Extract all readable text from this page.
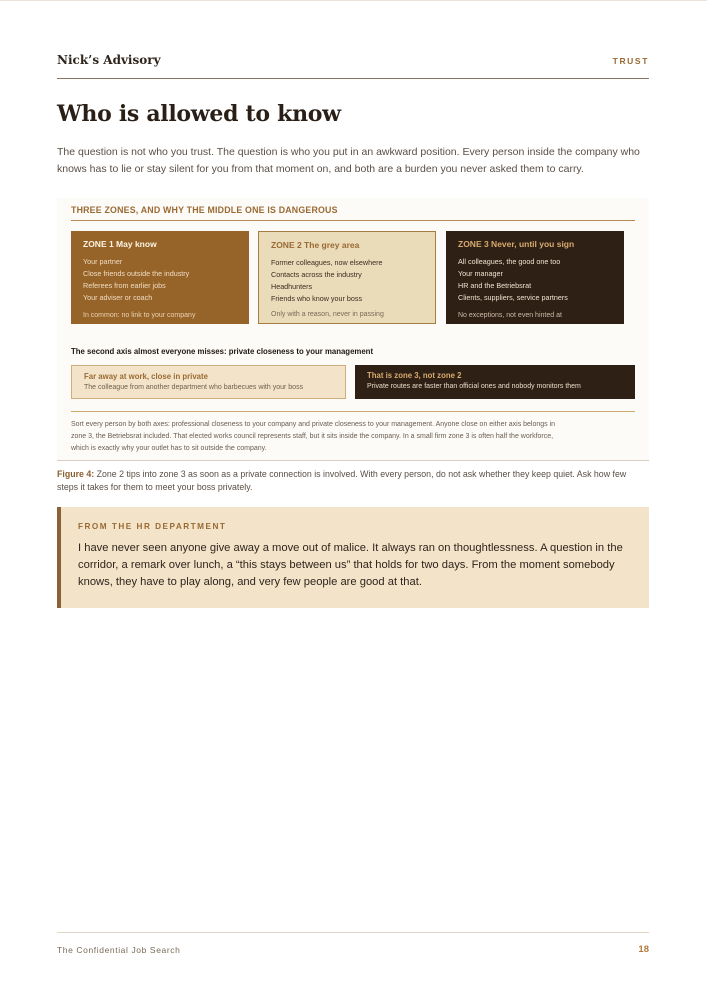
Nick’s Advisory	TRUST
Who is allowed to know

The question is not who you trust. The question is who you put in an awkward position. Every person inside the company who knows has to lie or stay silent for you from that moment on, and both are a burden you never asked them to carry.

THREE ZONES, AND WHY THE MIDDLE ONE IS DANGEROUS
ZONE 1 May know
Your partner
Close friends outside the industry
Referees from earlier jobs
Your adviser or coach
In common: no link to your company
ZONE 2 The grey area
Former colleagues, now elsewhere
Contacts across the industry
Headhunters
Friends who know your boss
Only with a reason, never in passing
ZONE 3 Never, until you sign
All colleagues, the good one too
Your manager
HR and the Betriebsrat
Clients, suppliers, service partners
No exceptions, not even hinted at
The second axis almost everyone misses: private closeness to your management
Far away at work, close in private
The colleague from another department who barbecues with your boss
That is zone 3, not zone 2
Private routes are faster than official ones and nobody monitors them
Sort every person by both axes: professional closeness to your company and private closeness to your management. Anyone close on either axis belongs in zone 3, the Betriebsrat included. That elected works council represents staff, but it sits inside the company. In a small firm zone 3 is often half the workforce, which is exactly why your outlet has to sit outside the company.

Figure 4: Zone 2 tips into zone 3 as soon as a private connection is involved. With every person, do not ask whether they keep quiet. Ask how few steps it takes for them to meet your boss privately.

FROM THE HR DEPARTMENT
I have never seen anyone give away a move out of malice. It always ran on thoughtlessness. A question in the corridor, a remark over lunch, a “this stays between us” that holds for two days. From the moment somebody knows, they have to play along, and very few people are good at that.
The Confidential Job Search	18
